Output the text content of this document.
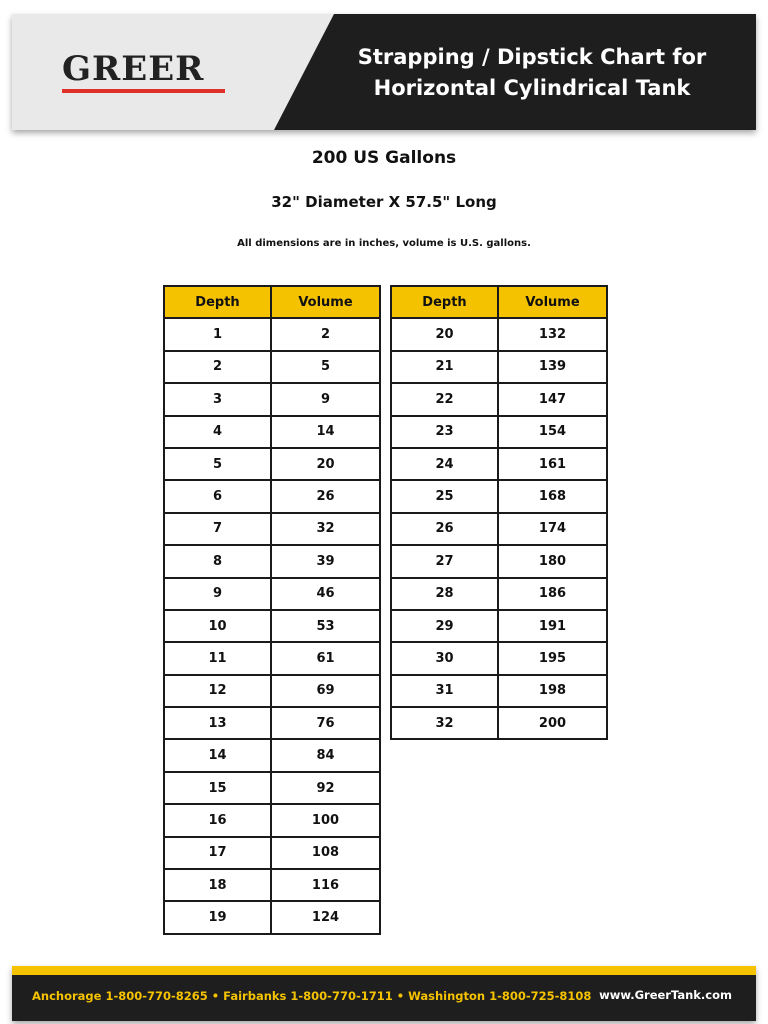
GREER	Strapping / Dipstick Chart for
Horizontal Cylindrical Tank
200 US Gallons
32" Diameter X 57.5" Long
All dimensions are in inches, volume is U.S. gallons.
Depth	Volume
1	2
2	5
3	9
4	14
5	20
6	26
7	32
8	39
9	46
10	53
11	61
12	69
13	76
14	84
15	92
16	100
17	108
18	116
19	124
Depth	Volume
20	132
21	139
22	147
23	154
24	161
25	168
26	174
27	180
28	186
29	191
30	195
31	198
32	200
Anchorage 1-800-770-8265 • Fairbanks 1-800-770-1711 • Washington 1-800-725-8108 www.GreerTank.com
